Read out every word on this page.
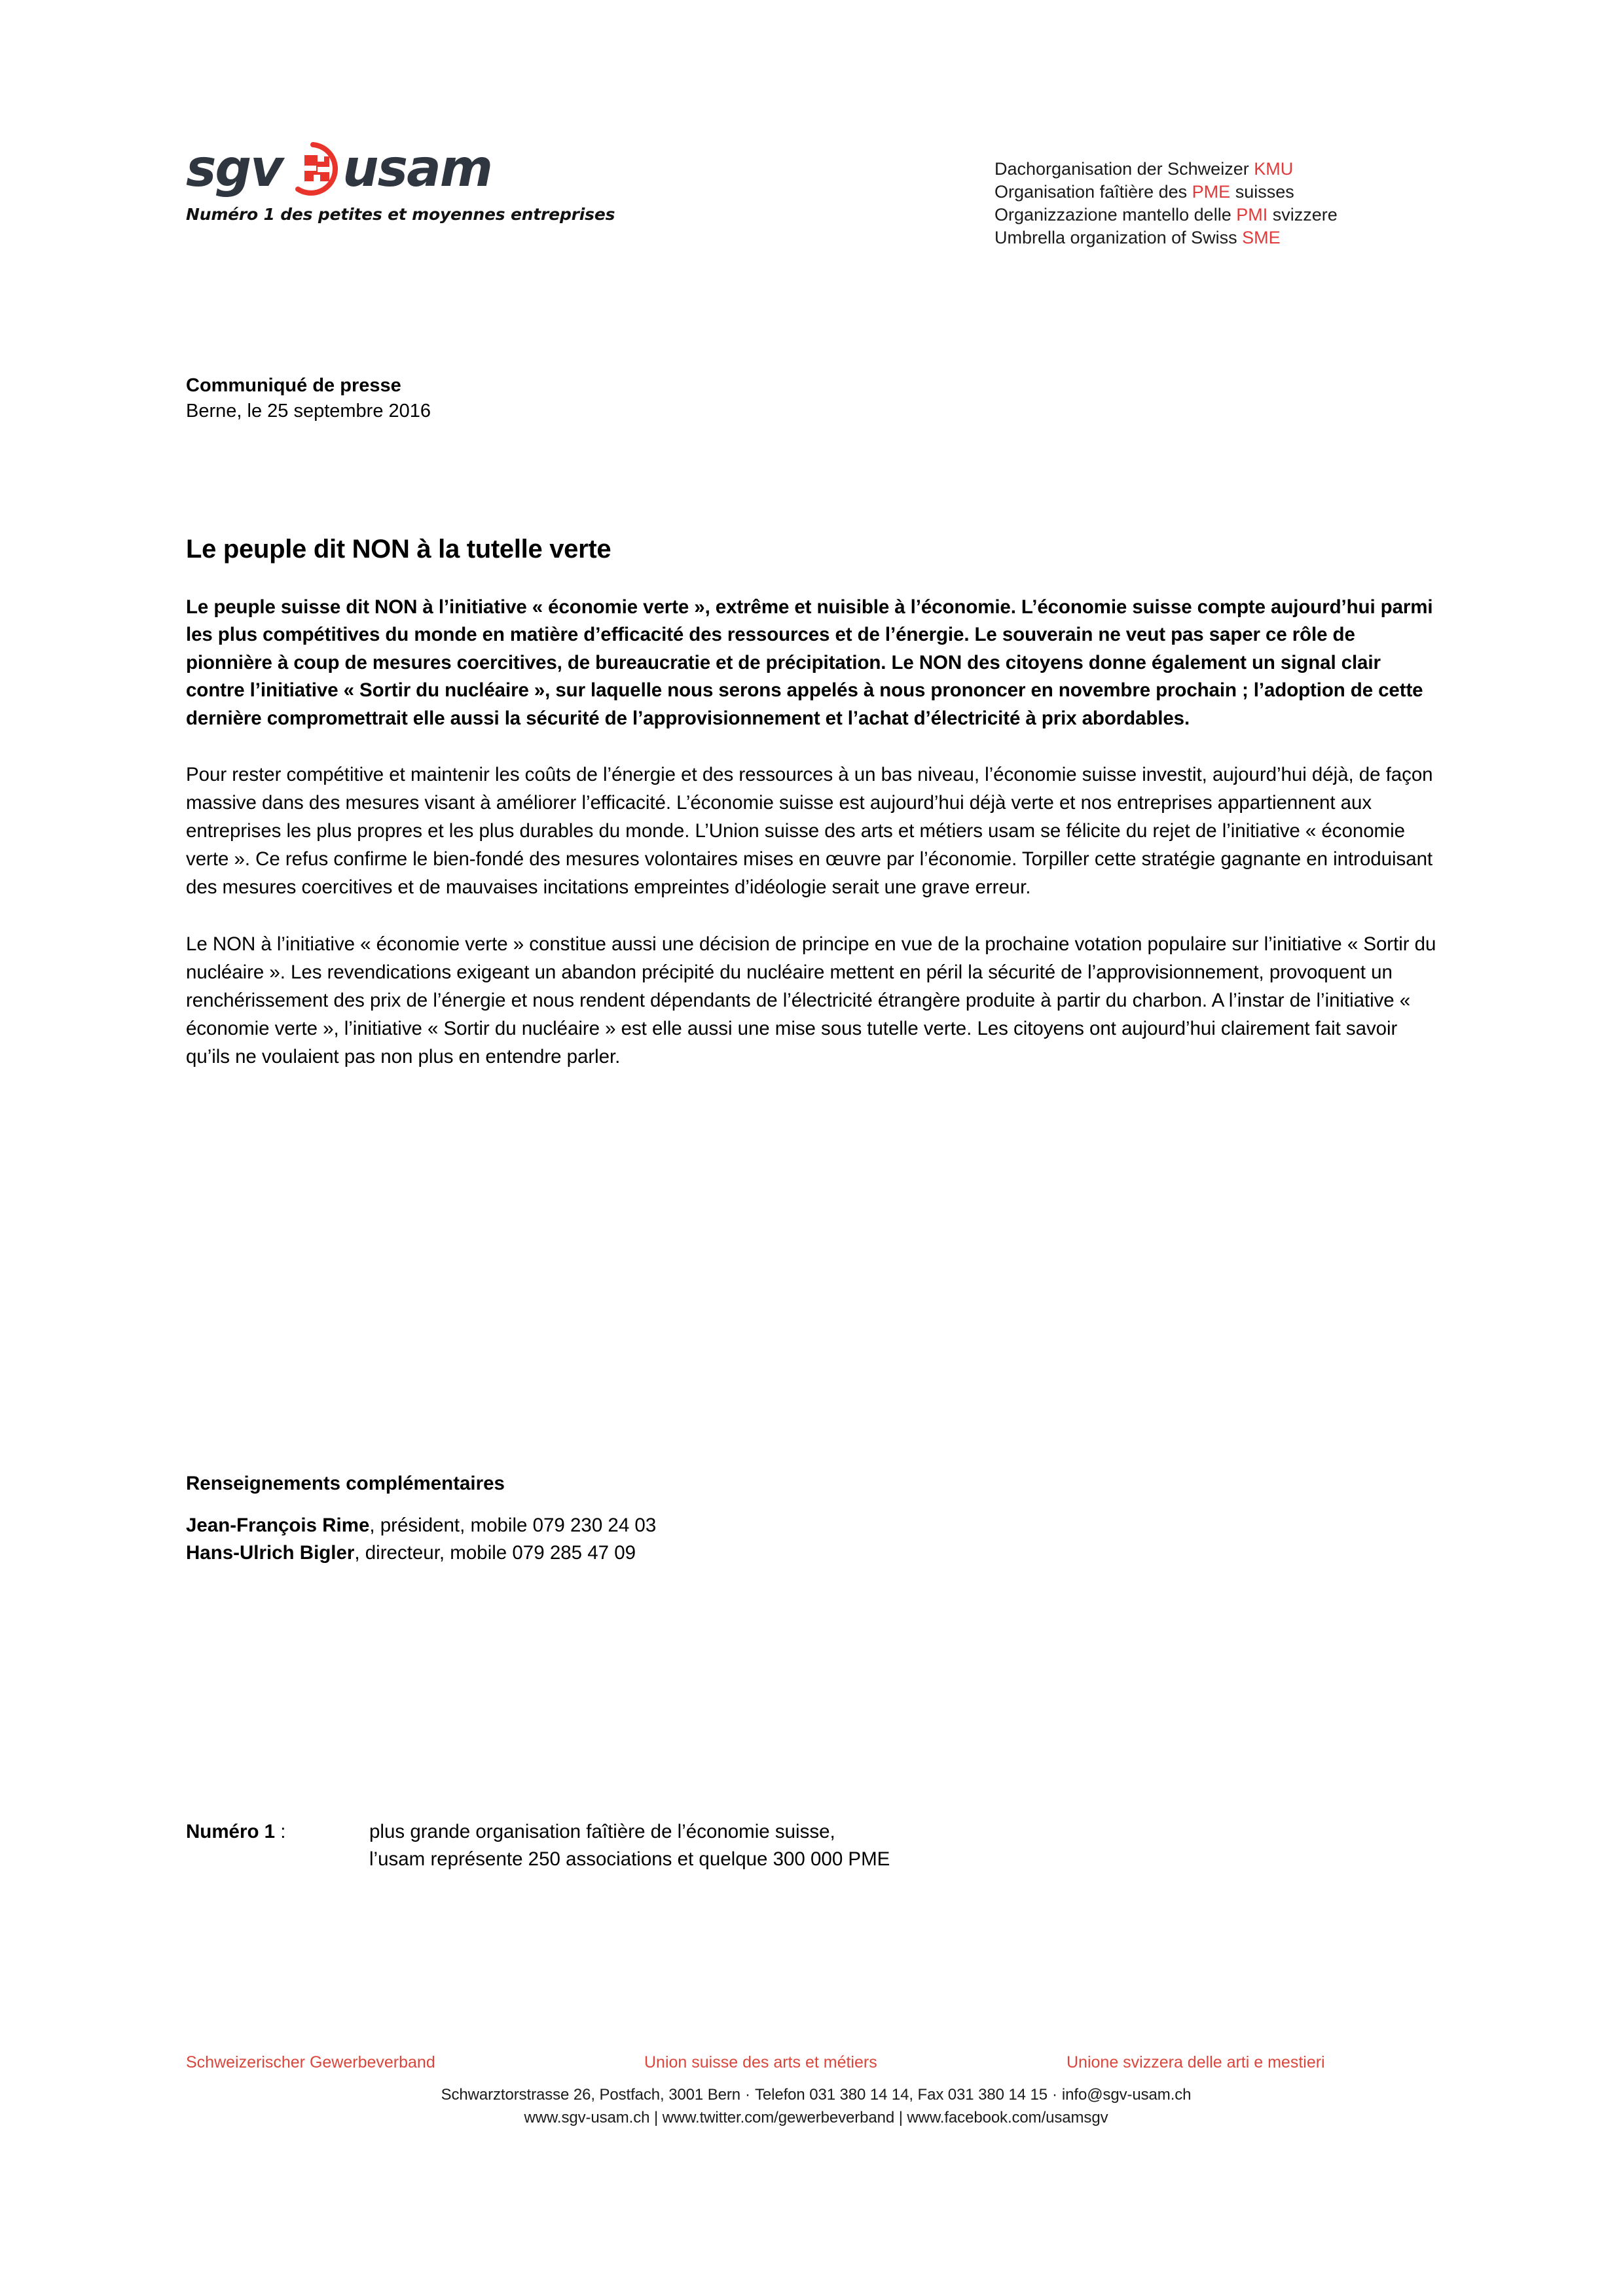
sgv usam
Numéro 1 des petites et moyennes entreprises
Dachorganisation der Schweizer KMU
Organisation faîtière des PME suisses
Organizzazione mantello delle PMI svizzere
Umbrella organization of Swiss SME
Communiqué de presse
Berne, le 25 septembre 2016
Le peuple dit NON à la tutelle verte

Le peuple suisse dit NON à l’initiative « économie verte », extrême et nuisible à l’économie. L’économie suisse compte aujourd’hui parmi les plus compétitives du monde en matière d’efficacité des ressources et de l’énergie. Le souverain ne veut pas saper ce rôle de pionnière à coup de mesures coercitives, de bureaucratie et de précipitation. Le NON des citoyens donne également un signal clair contre l’initiative « Sortir du nucléaire », sur laquelle nous serons appelés à nous prononcer en novembre prochain ; l’adoption de cette dernière compromettrait elle aussi la sécurité de l’approvisionnement et l’achat d’électricité à prix abordables.

Pour rester compétitive et maintenir les coûts de l’énergie et des ressources à un bas niveau, l’économie suisse investit, aujourd’hui déjà, de façon massive dans des mesures visant à améliorer l’efficacité. L’économie suisse est aujourd’hui déjà verte et nos entreprises appartiennent aux entreprises les plus propres et les plus durables du monde. L’Union suisse des arts et métiers usam se félicite du rejet de l’initiative « économie verte ». Ce refus confirme le bien-fondé des mesures volontaires mises en œuvre par l’économie. Torpiller cette stratégie gagnante en introduisant des mesures coercitives et de mauvaises incitations empreintes d’idéologie serait une grave erreur.

Le NON à l’initiative « économie verte » constitue aussi une décision de principe en vue de la prochaine votation populaire sur l’initiative « Sortir du nucléaire ». Les revendications exigeant un abandon précipité du nucléaire mettent en péril la sécurité de l’approvisionnement, provoquent un renchérissement des prix de l’énergie et nous rendent dépendants de l’électricité étrangère produite à partir du charbon. A l’instar de l’initiative « économie verte », l’initiative « Sortir du nucléaire » est elle aussi une mise sous tutelle verte. Les citoyens ont aujourd’hui clairement fait savoir qu’ils ne voulaient pas non plus en entendre parler.

Renseignements complémentaires
Jean-François Rime, président, mobile 079 230 24 03
Hans-Ulrich Bigler, directeur, mobile 079 285 47 09
Numéro 1 :	plus grande organisation faîtière de l’économie suisse,
l’usam représente 250 associations et quelque 300 000 PME
Schweizerischer Gewerbeverband	Union suisse des arts et métiers	Unione svizzera delle arti e mestieri
Schwarztorstrasse 26, Postfach, 3001 Bern · Telefon 031 380 14 14, Fax 031 380 14 15 · info@sgv-usam.ch
www.sgv-usam.ch | www.twitter.com/gewerbeverband | www.facebook.com/usamsgv
